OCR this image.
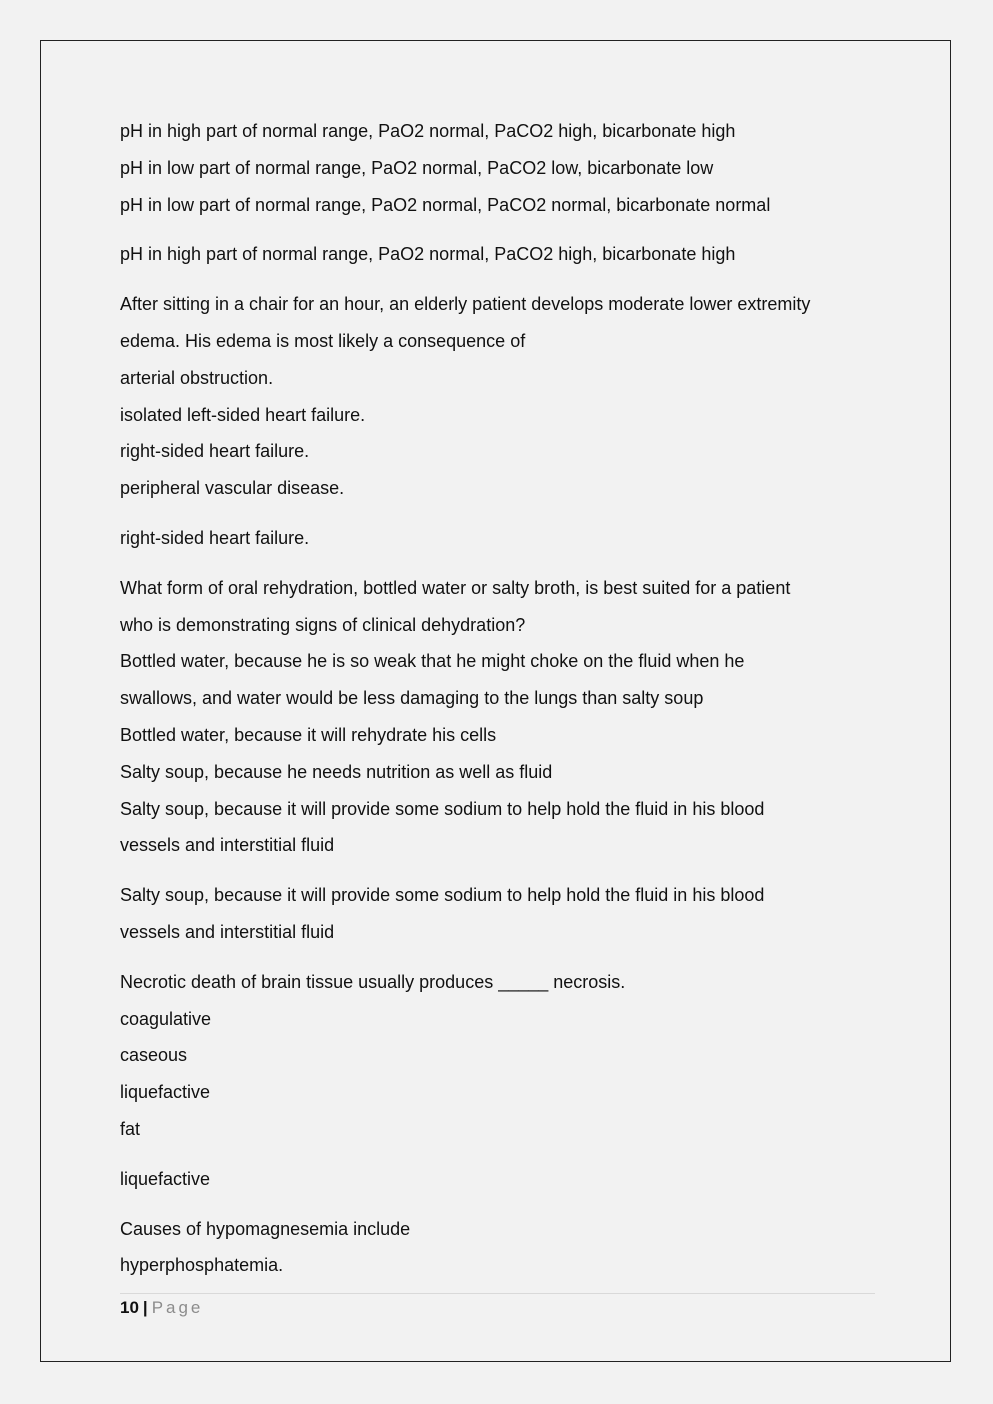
pH in high part of normal range, PaO2 normal, PaCO2 high, bicarbonate high
pH in low part of normal range, PaO2 normal, PaCO2 low, bicarbonate low
pH in low part of normal range, PaO2 normal, PaCO2 normal, bicarbonate normal
pH in high part of normal range, PaO2 normal, PaCO2 high, bicarbonate high
After sitting in a chair for an hour, an elderly patient develops moderate lower extremity
edema. His edema is most likely a consequence of
arterial obstruction.
isolated left-sided heart failure.
right-sided heart failure.
peripheral vascular disease.
right-sided heart failure.
What form of oral rehydration, bottled water or salty broth, is best suited for a patient
who is demonstrating signs of clinical dehydration?
Bottled water, because he is so weak that he might choke on the fluid when he
swallows, and water would be less damaging to the lungs than salty soup
Bottled water, because it will rehydrate his cells
Salty soup, because he needs nutrition as well as fluid
Salty soup, because it will provide some sodium to help hold the fluid in his blood
vessels and interstitial fluid
Salty soup, because it will provide some sodium to help hold the fluid in his blood
vessels and interstitial fluid
Necrotic death of brain tissue usually produces _____ necrosis.
coagulative
caseous
liquefactive
fat
liquefactive
Causes of hypomagnesemia include
hyperphosphatemia.
10 | Page
